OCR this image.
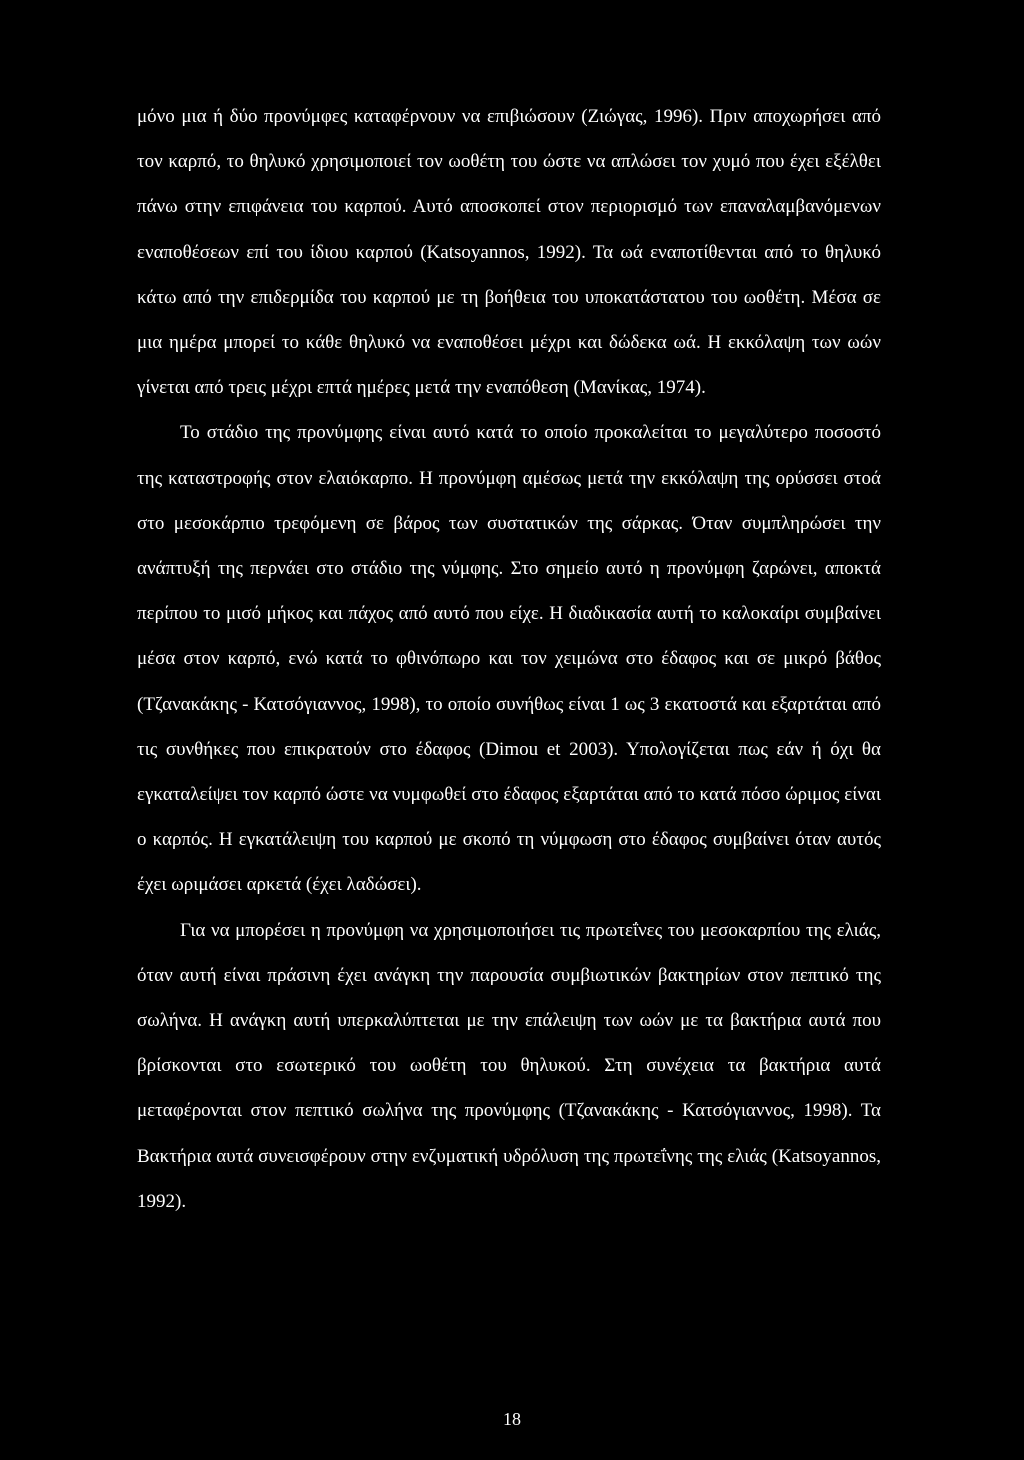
μόνο μια ή δύο προνύμφες καταφέρνουν να επιβιώσουν (Ζιώγας, 1996). Πριν αποχωρήσει από τον καρπό, το θηλυκό χρησιμοποιεί τον ωοθέτη του ώστε να απλώσει τον χυμό που έχει εξέλθει πάνω στην επιφάνεια του καρπού. Αυτό αποσκοπεί στον περιορισμό των επαναλαμβανόμενων εναποθέσεων επί του ίδιου καρπού (Katsoyannos, 1992). Τα ωά εναποτίθενται από το θηλυκό κάτω από την επιδερμίδα του καρπού με τη βοήθεια του υποκατάστατου του ωοθέτη. Μέσα σε μια ημέρα μπορεί το κάθε θηλυκό να εναποθέσει μέχρι και δώδεκα ωά. Η εκκόλαψη των ωών γίνεται από τρεις μέχρι επτά ημέρες μετά την εναπόθεση (Μανίκας, 1974).

Το στάδιο της προνύμφης είναι αυτό κατά το οποίο προκαλείται το μεγαλύτερο ποσοστό της καταστροφής στον ελαιόκαρπο. Η προνύμφη αμέσως μετά την εκκόλαψη της ορύσσει στοά στο μεσοκάρπιο τρεφόμενη σε βάρος των συστατικών της σάρκας. Όταν συμπληρώσει την ανάπτυξή της περνάει στο στάδιο της νύμφης. Στο σημείο αυτό η προνύμφη ζαρώνει, αποκτά περίπου το μισό μήκος και πάχος από αυτό που είχε. Η διαδικασία αυτή το καλοκαίρι συμβαίνει μέσα στον καρπό, ενώ κατά το φθινόπωρο και τον χειμώνα στο έδαφος και σε μικρό βάθος (Τζανακάκης - Κατσόγιαννος, 1998), το οποίο συνήθως είναι 1 ως 3 εκατοστά και εξαρτάται από τις συνθήκες που επικρατούν στο έδαφος (Dimou et 2003). Υπολογίζεται πως εάν ή όχι θα εγκαταλείψει τον καρπό ώστε να νυμφωθεί στο έδαφος εξαρτάται από το κατά πόσο ώριμος είναι ο καρπός. Η εγκατάλειψη του καρπού με σκοπό τη νύμφωση στο έδαφος συμβαίνει όταν αυτός έχει ωριμάσει αρκετά (έχει λαδώσει).

Για να μπορέσει η προνύμφη να χρησιμοποιήσει τις πρωτεΐνες του μεσοκαρπίου της ελιάς, όταν αυτή είναι πράσινη έχει ανάγκη την παρουσία συμβιωτικών βακτηρίων στον πεπτικό της σωλήνα. Η ανάγκη αυτή υπερκαλύπτεται με την επάλειψη των ωών με τα βακτήρια αυτά που βρίσκονται στο εσωτερικό του ωοθέτη του θηλυκού. Στη συνέχεια τα βακτήρια αυτά μεταφέρονται στον πεπτικό σωλήνα της προνύμφης (Τζανακάκης - Κατσόγιαννος, 1998). Τα Βακτήρια αυτά συνεισφέρουν στην ενζυματική υδρόλυση της πρωτεΐνης της ελιάς (Katsoyannos, 1992).

18
